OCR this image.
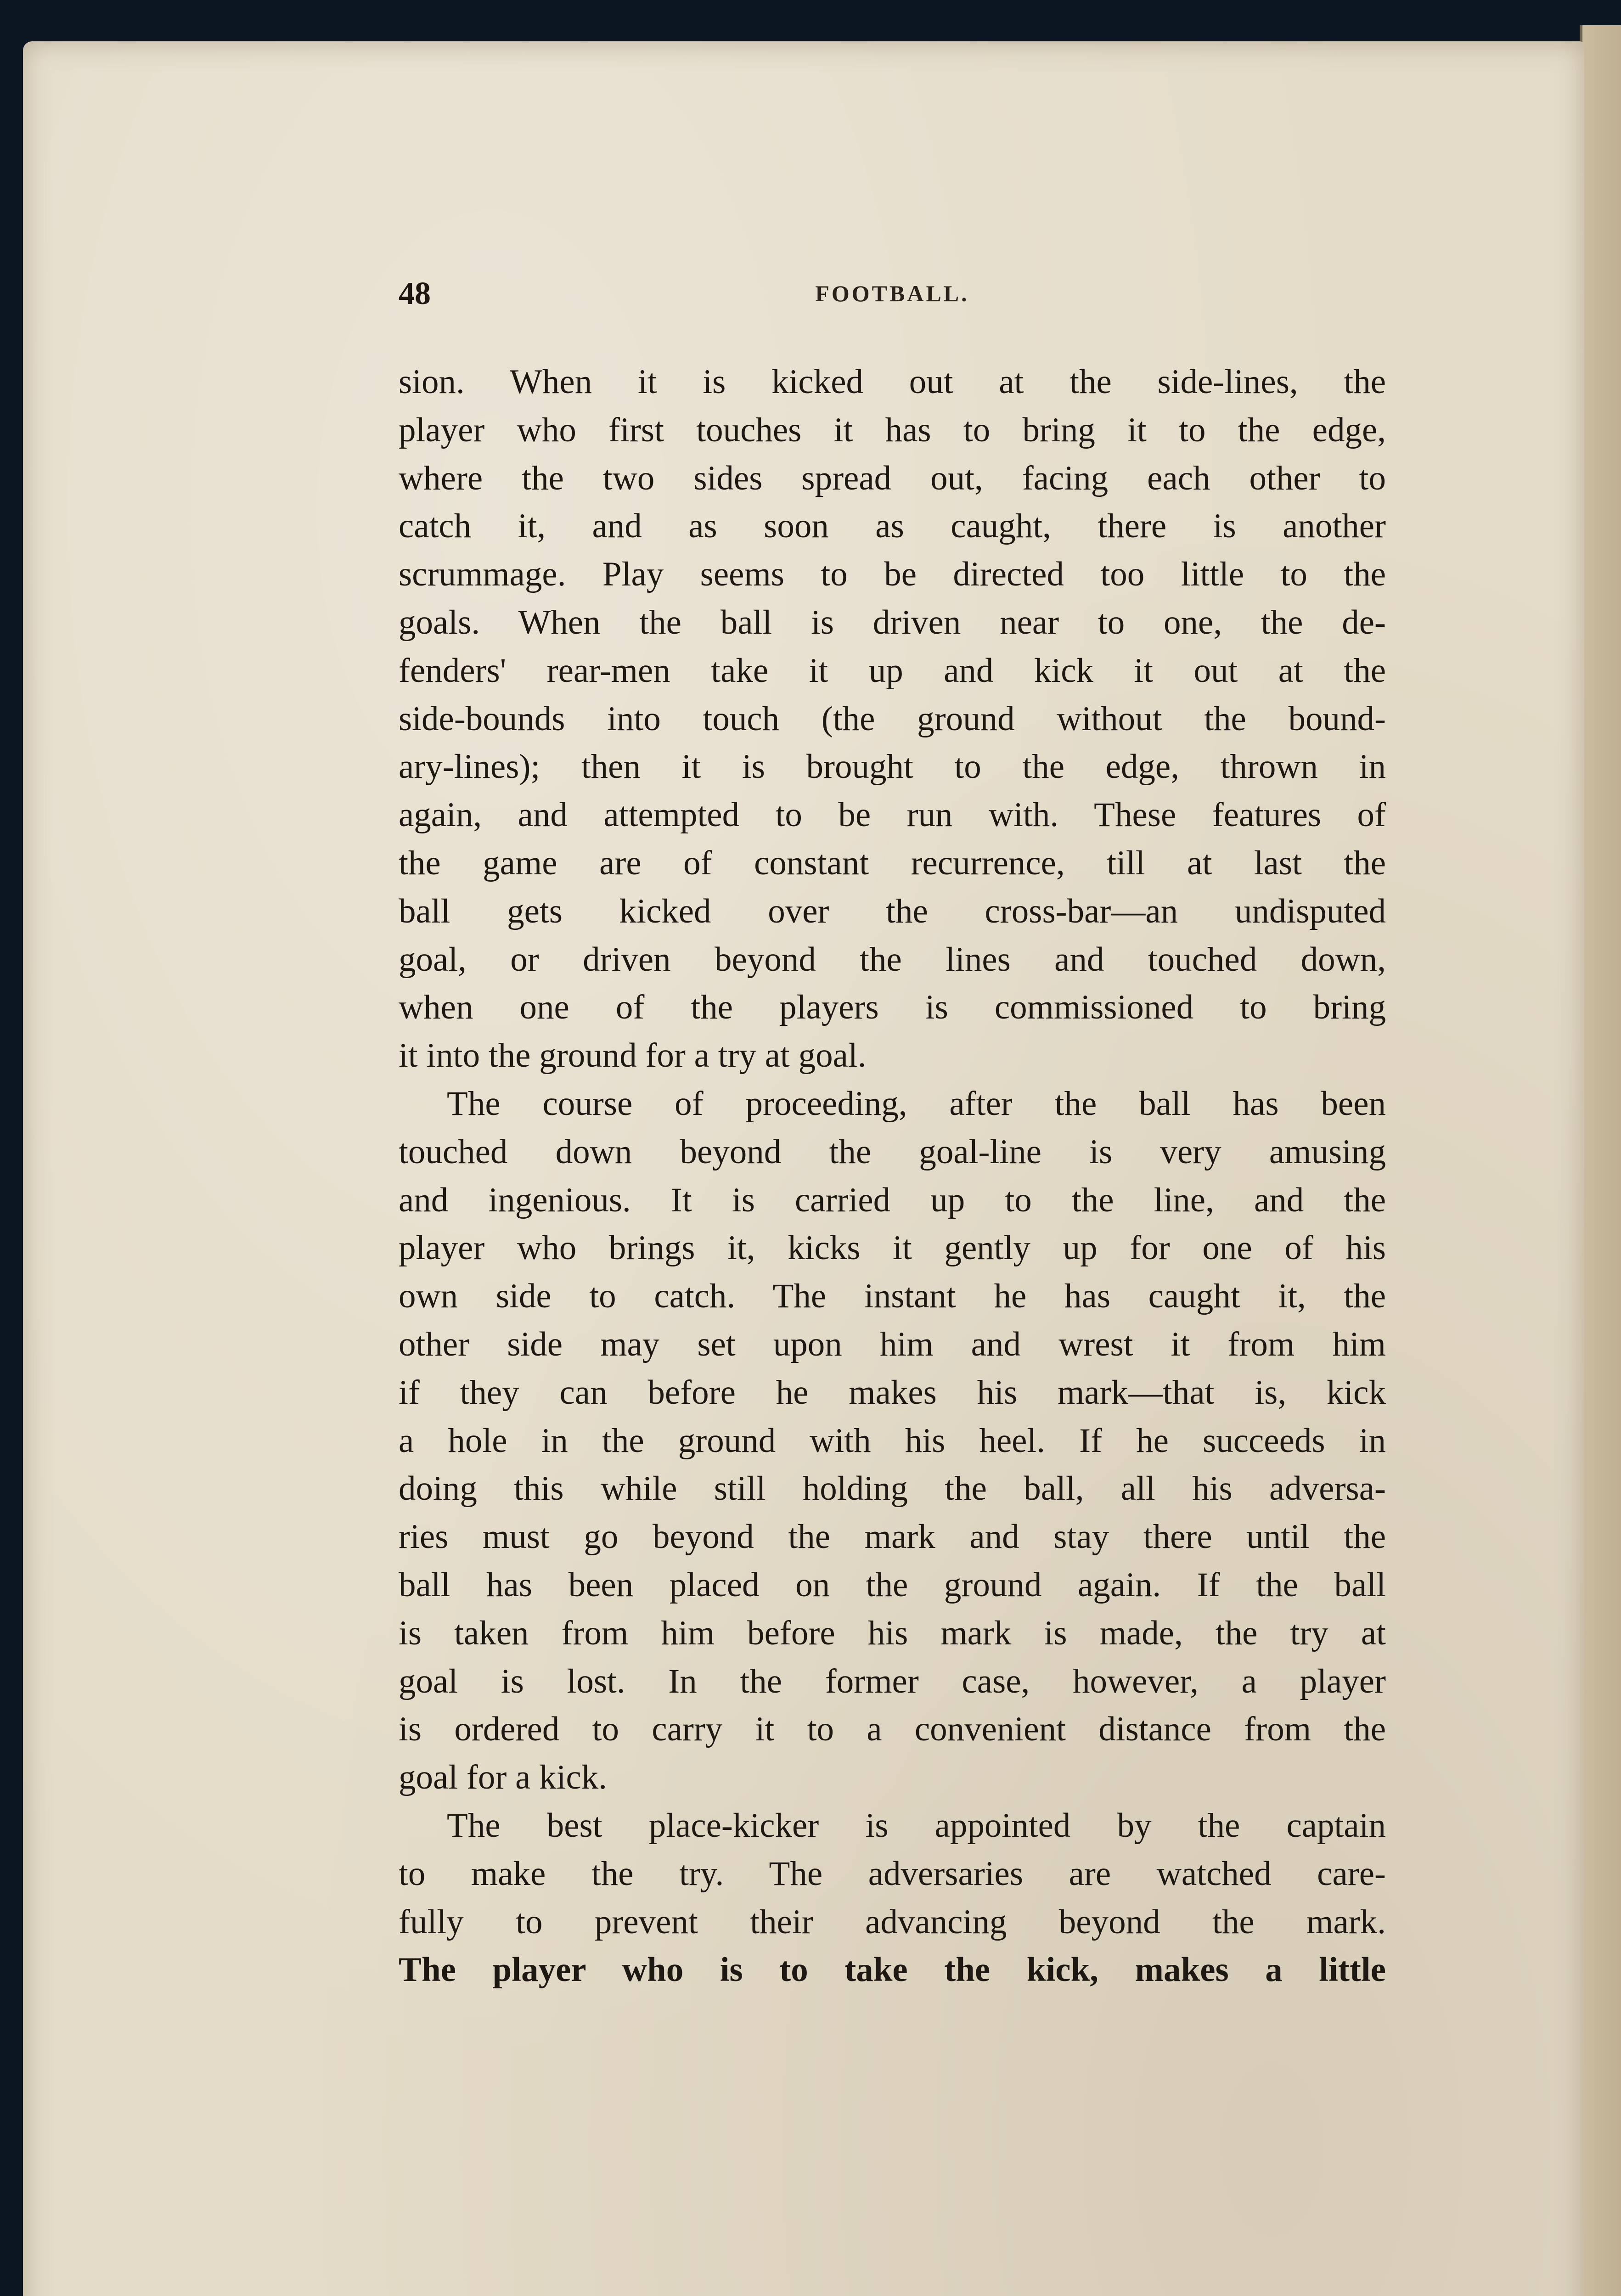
48	FOOTBALL.
sion. When it is kicked out at the side-lines, the
player who first touches it has to bring it to the edge,
where the two sides spread out, facing each other to
catch it, and as soon as caught, there is another
scrummage. Play seems to be directed too little to the
goals. When the ball is driven near to one, the de-
fenders' rear-men take it up and kick it out at the
side-bounds into touch (the ground without the bound-
ary-lines); then it is brought to the edge, thrown in
again, and attempted to be run with. These features of
the game are of constant recurrence, till at last the
ball gets kicked over the cross-bar—an undisputed
goal, or driven beyond the lines and touched down,
when one of the players is commissioned to bring
it into the ground for a try at goal.
The course of proceeding, after the ball has been
touched down beyond the goal-line is very amusing
and ingenious. It is carried up to the line, and the
player who brings it, kicks it gently up for one of his
own side to catch. The instant he has caught it, the
other side may set upon him and wrest it from him
if they can before he makes his mark—that is, kick
a hole in the ground with his heel. If he succeeds in
doing this while still holding the ball, all his adversa-
ries must go beyond the mark and stay there until the
ball has been placed on the ground again. If the ball
is taken from him before his mark is made, the try at
goal is lost. In the former case, however, a player
is ordered to carry it to a convenient distance from the
goal for a kick.
The best place-kicker is appointed by the captain
to make the try. The adversaries are watched care-
fully to prevent their advancing beyond the mark.
The player who is to take the kick, makes a little
